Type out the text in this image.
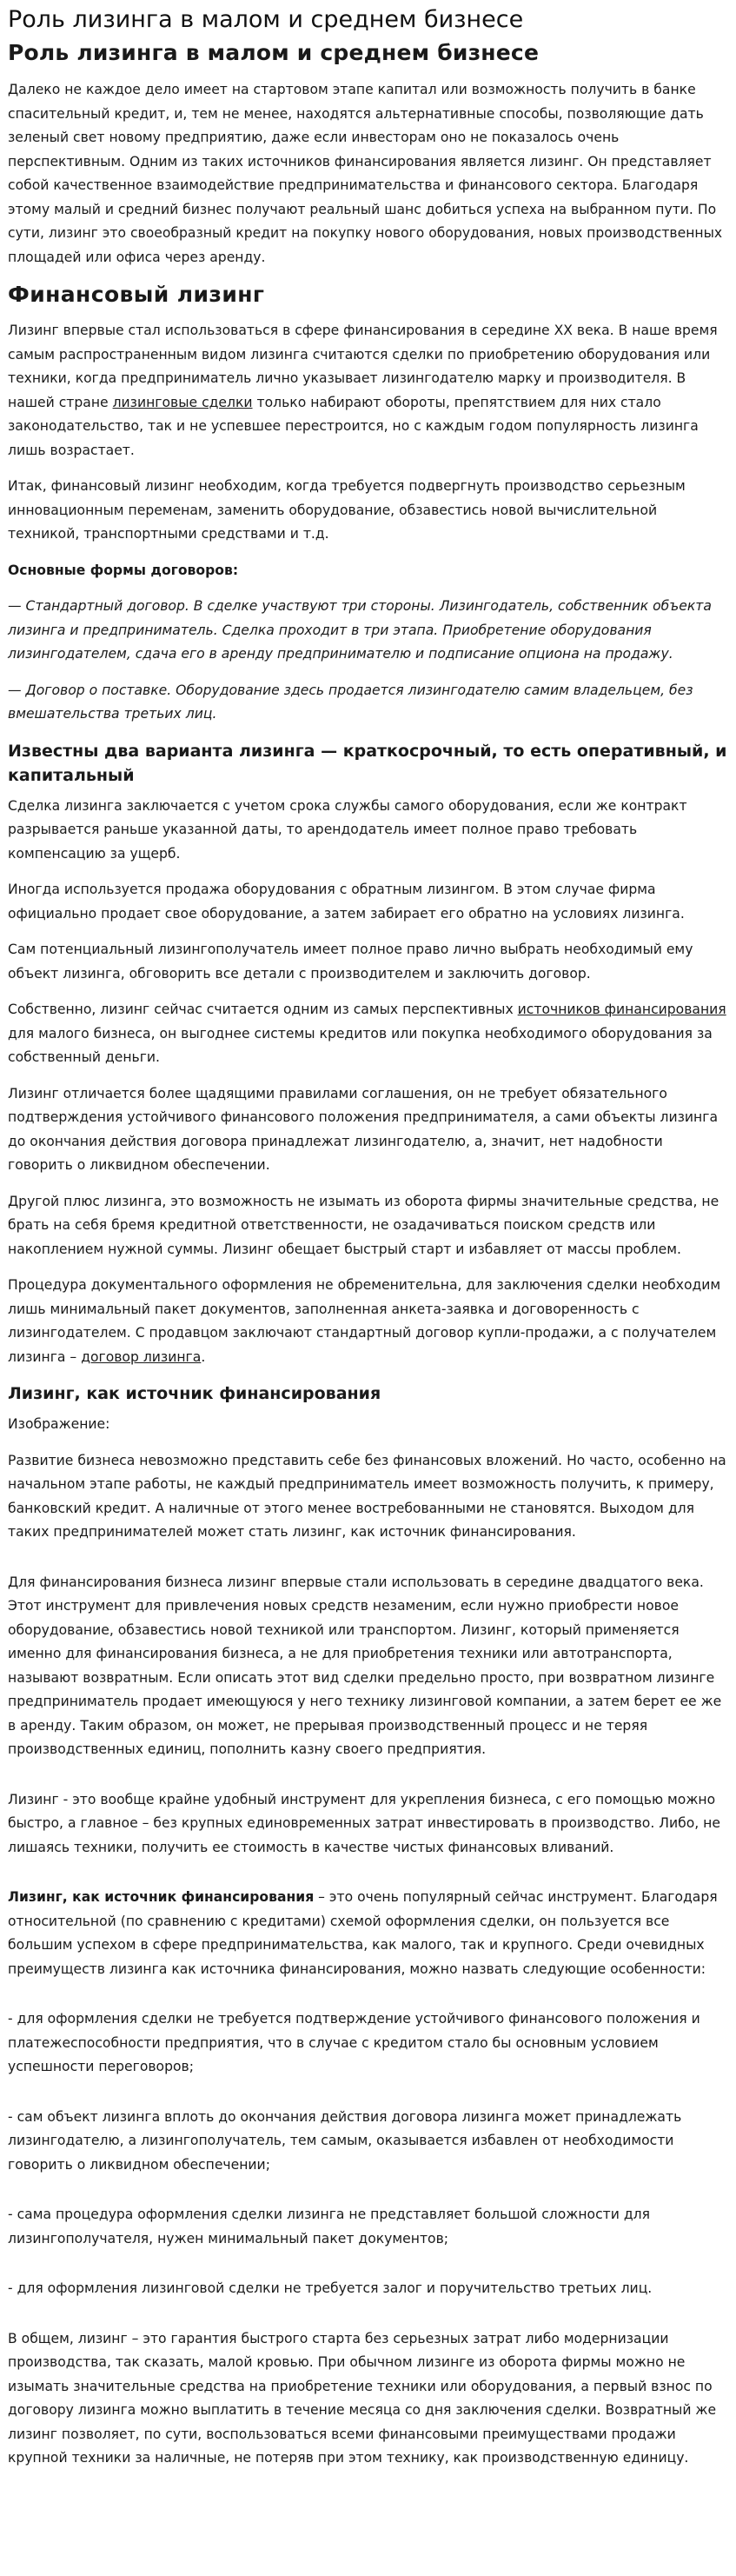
Роль лизинга в малом и среднем бизнесе
Роль лизинга в малом и среднем бизнесе

Далеко не каждое дело имеет на стартовом этапе капитал или возможность получить в банке спасительный кредит, и, тем не менее, находятся альтернативные способы, позволяющие дать зеленый свет новому предприятию, даже если инвесторам оно не показалось очень перспективным. Одним из таких источников финансирования является лизинг. Он представляет собой качественное взаимодействие предпринимательства и финансового сектора. Благодаря этому малый и средний бизнес получают реальный шанс добиться успеха на выбранном пути. По сути, лизинг это своеобразный кредит на покупку нового оборудования, новых производственных площадей или офиса через аренду.

Финансовый лизинг

Лизинг впервые стал использоваться в сфере финансирования в середине XX века. В наше время самым распространенным видом лизинга считаются сделки по приобретению оборудования или техники, когда предприниматель лично указывает лизингодателю марку и производителя. В нашей стране лизинговые сделки только набирают обороты, препятствием для них стало законодательство, так и не успевшее перестроится, но с каждым годом популярность лизинга лишь возрастает.

Итак, финансовый лизинг необходим, когда требуется подвергнуть производство серьезным инновационным переменам, заменить оборудование, обзавестись новой вычислительной техникой, транспортными средствами и т.д.

Основные формы договоров:

— Стандартный договор. В сделке участвуют три стороны. Лизингодатель, собственник объекта лизинга и предприниматель. Сделка проходит в три этапа. Приобретение оборудования лизингодателем, сдача его в аренду предпринимателю и подписание опциона на продажу.

— Договор о поставке. Оборудование здесь продается лизингодателю самим владельцем, без вмешательства третьих лиц.

Известны два варианта лизинга — краткосрочный, то есть оперативный, и капитальный

Сделка лизинга заключается с учетом срока службы самого оборудования, если же контракт разрывается раньше указанной даты, то арендодатель имеет полное право требовать компенсацию за ущерб.

Иногда используется продажа оборудования с обратным лизингом. В этом случае фирма официально продает свое оборудование, а затем забирает его обратно на условиях лизинга.

Сам потенциальный лизингополучатель имеет полное право лично выбрать необходимый ему объект лизинга, обговорить все детали с производителем и заключить договор.

Собственно, лизинг сейчас считается одним из самых перспективных источников финансирования для малого бизнеса, он выгоднее системы кредитов или покупка необходимого оборудования за собственный деньги.

Лизинг отличается более щадящими правилами соглашения, он не требует обязательного подтверждения устойчивого финансового положения предпринимателя, а сами объекты лизинга до окончания действия договора принадлежат лизингодателю, а, значит, нет надобности говорить о ликвидном обеспечении.

Другой плюс лизинга, это возможность не изымать из оборота фирмы значительные средства, не брать на себя бремя кредитной ответственности, не озадачиваться поиском средств или накоплением нужной суммы. Лизинг обещает быстрый старт и избавляет от массы проблем.

Процедура документального оформления не обременительна, для заключения сделки необходим лишь минимальный пакет документов, заполненная анкета-заявка и договоренность с лизингодателем. С продавцом заключают стандартный договор купли-продажи, а с получателем лизинга – договор лизинга.

Лизинг, как источник финансирования

Изображение:

Развитие бизнеса невозможно представить себе без финансовых вложений. Но часто, особенно на начальном этапе работы, не каждый предприниматель имеет возможность получить, к примеру, банковский кредит. А наличные от этого менее востребованными не становятся. Выходом для таких предпринимателей может стать лизинг, как источник финансирования.

Для финансирования бизнеса лизинг впервые стали использовать в середине двадцатого века. Этот инструмент для привлечения новых средств незаменим, если нужно приобрести новое оборудование, обзавестись новой техникой или транспортом. Лизинг, который применяется именно для финансирования бизнеса, а не для приобретения техники или автотранспорта, называют возвратным. Если описать этот вид сделки предельно просто, при возвратном лизинге предприниматель продает имеющуюся у него технику лизинговой компании, а затем берет ее же в аренду. Таким образом, он может, не прерывая производственный процесс и не теряя производственных единиц, пополнить казну своего предприятия.

Лизинг - это вообще крайне удобный инструмент для укрепления бизнеса, с его помощью можно быстро, а главное – без крупных единовременных затрат инвестировать в производство. Либо, не лишаясь техники, получить ее стоимость в качестве чистых финансовых вливаний.

Лизинг, как источник финансирования – это очень популярный сейчас инструмент. Благодаря относительной (по сравнению с кредитами) схемой оформления сделки, он пользуется все большим успехом в сфере предпринимательства, как малого, так и крупного. Среди очевидных преимуществ лизинга как источника финансирования, можно назвать следующие особенности:

- для оформления сделки не требуется подтверждение устойчивого финансового положения и платежеспособности предприятия, что в случае с кредитом стало бы основным условием успешности переговоров;

- сам объект лизинга вплоть до окончания действия договора лизинга может принадлежать лизингодателю, а лизингополучатель, тем самым, оказывается избавлен от необходимости говорить о ликвидном обеспечении;

- сама процедура оформления сделки лизинга не представляет большой сложности для лизингополучателя, нужен минимальный пакет документов;

- для оформления лизинговой сделки не требуется залог и поручительство третьих лиц.

В общем, лизинг – это гарантия быстрого старта без серьезных затрат либо модернизации производства, так сказать, малой кровью. При обычном лизинге из оборота фирмы можно не изымать значительные средства на приобретение техники или оборудования, а первый взнос по договору лизинга можно выплатить в течение месяца со дня заключения сделки. Возвратный же лизинг позволяет, по сути, воспользоваться всеми финансовыми преимуществами продажи крупной техники за наличные, не потеряв при этом технику, как производственную единицу.
